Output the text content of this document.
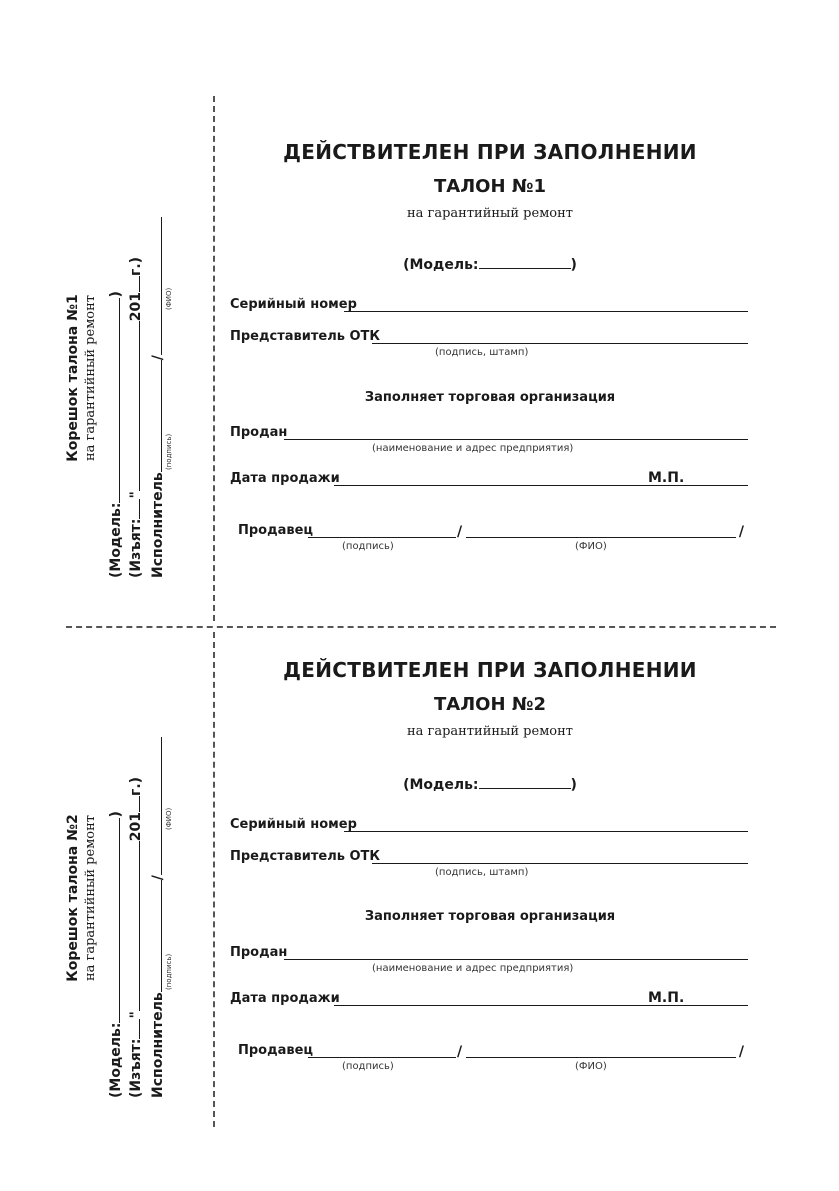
Корешок талона №1 на гарантийный ремонт
(Модель:)
(Изъят:"201г.)
Исполнитель/
(подпись)
(ФИО)
ДЕЙСТВИТЕЛЕН ПРИ ЗАПОЛНЕНИИ
ТАЛОН №1
на гарантийный ремонт
(Модель:	)
Серийный номер
Представитель ОТК
(подпись, штамп)
Заполняет торговая организация
Продан
(наименование и адрес предприятия)
Дата продажи	М.П.
Продавец	/	/
(подпись)	(ФИО)
Корешок талона №2 на гарантийный ремонт
(Модель:)
(Изъят:"201г.)
Исполнитель/
(подпись)
(ФИО)
ДЕЙСТВИТЕЛЕН ПРИ ЗАПОЛНЕНИИ
ТАЛОН №2
на гарантийный ремонт
(Модель:	)
Серийный номер
Представитель ОТК
(подпись, штамп)
Заполняет торговая организация
Продан
(наименование и адрес предприятия)
Дата продажи	М.П.
Продавец	/	/
(подпись)	(ФИО)
